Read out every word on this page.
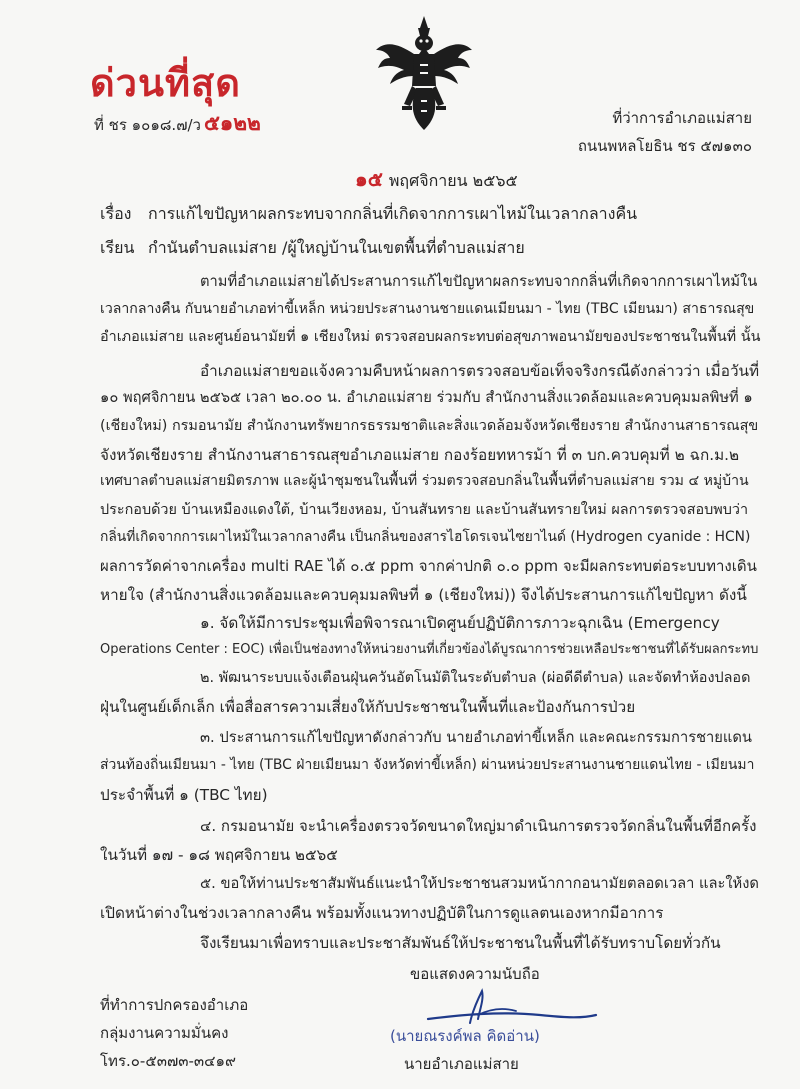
ด่วนที่สุด
ที่ ชร ๑๐๑๘.๗/ว ๕๑๒๒	ที่ว่าการอำเภอแม่สาย
ถนนพหลโยธิน ชร ๕๗๑๓๐
๑๕ พฤศจิกายน ๒๕๖๕
เรื่อง การแก้ไขปัญหาผลกระทบจากกลิ่นที่เกิดจากการเผาไหม้ในเวลากลางคืน
เรียน กำนันตำบลแม่สาย /ผู้ใหญ่บ้านในเขตพื้นที่ตำบลแม่สาย
ตามที่อำเภอแม่สายได้ประสานการแก้ไขปัญหาผลกระทบจากกลิ่นที่เกิดจากการเผาไหม้ใน
เวลากลางคืน กับนายอำเภอท่าขี้เหล็ก หน่วยประสานงานชายแดนเมียนมา - ไทย (TBC เมียนมา) สาธารณสุข
อำเภอแม่สาย และศูนย์อนามัยที่ ๑ เชียงใหม่ ตรวจสอบผลกระทบต่อสุขภาพอนามัยของประชาชนในพื้นที่ นั้น
อำเภอแม่สายขอแจ้งความคืบหน้าผลการตรวจสอบข้อเท็จจริงกรณีดังกล่าวว่า เมื่อวันที่
๑๐ พฤศจิกายน ๒๕๖๕ เวลา ๒๐.๐๐ น. อำเภอแม่สาย ร่วมกับ สำนักงานสิ่งแวดล้อมและควบคุมมลพิษที่ ๑
(เชียงใหม่) กรมอนามัย สำนักงานทรัพยากรธรรมชาติและสิ่งแวดล้อมจังหวัดเชียงราย สำนักงานสาธารณสุข
จังหวัดเชียงราย สำนักงานสาธารณสุขอำเภอแม่สาย กองร้อยทหารม้า ที่ ๓ บก.ควบคุมที่ ๒ ฉก.ม.๒
เทศบาลตำบลแม่สายมิตรภาพ และผู้นำชุมชนในพื้นที่ ร่วมตรวจสอบกลิ่นในพื้นที่ตำบลแม่สาย รวม ๔ หมู่บ้าน
ประกอบด้วย บ้านเหมืองแดงใต้, บ้านเวียงหอม, บ้านสันทราย และบ้านสันทรายใหม่ ผลการตรวจสอบพบว่า
กลิ่นที่เกิดจากการเผาไหม้ในเวลากลางคืน เป็นกลิ่นของสารไฮโดรเจนไซยาไนด์ (Hydrogen cyanide : HCN)
ผลการวัดค่าจากเครื่อง multi RAE ได้ ๐.๕ ppm จากค่าปกติ ๐.๐ ppm จะมีผลกระทบต่อระบบทางเดิน
หายใจ (สำนักงานสิ่งแวดล้อมและควบคุมมลพิษที่ ๑ (เชียงใหม่)) จึงได้ประสานการแก้ไขปัญหา ดังนี้
๑. จัดให้มีการประชุมเพื่อพิจารณาเปิดศูนย์ปฏิบัติการภาวะฉุกเฉิน (Emergency
Operations Center : EOC) เพื่อเป็นช่องทางให้หน่วยงานที่เกี่ยวข้องได้บูรณาการช่วยเหลือประชาชนที่ได้รับผลกระทบ
๒. พัฒนาระบบแจ้งเตือนฝุ่นควันอัตโนมัติในระดับตำบล (ผ่อดีดีตำบล) และจัดทำห้องปลอด
ฝุ่นในศูนย์เด็กเล็ก เพื่อสื่อสารความเสี่ยงให้กับประชาชนในพื้นที่และป้องกันการป่วย
๓. ประสานการแก้ไขปัญหาดังกล่าวกับ นายอำเภอท่าขี้เหล็ก และคณะกรรมการชายแดน
ส่วนท้องถิ่นเมียนมา - ไทย (TBC ฝ่ายเมียนมา จังหวัดท่าขี้เหล็ก) ผ่านหน่วยประสานงานชายแดนไทย - เมียนมา
ประจำพื้นที่ ๑ (TBC ไทย)
๔. กรมอนามัย จะนำเครื่องตรวจวัดขนาดใหญ่มาดำเนินการตรวจวัดกลิ่นในพื้นที่อีกครั้ง
ในวันที่ ๑๗ - ๑๘ พฤศจิกายน ๒๕๖๕
๕. ขอให้ท่านประชาสัมพันธ์แนะนำให้ประชาชนสวมหน้ากากอนามัยตลอดเวลา และให้งด
เปิดหน้าต่างในช่วงเวลากลางคืน พร้อมทั้งแนวทางปฏิบัติในการดูแลตนเองหากมีอาการ
จึงเรียนมาเพื่อทราบและประชาสัมพันธ์ให้ประชาชนในพื้นที่ได้รับทราบโดยทั่วกัน
ขอแสดงความนับถือ
ที่ทำการปกครองอำเภอ
กลุ่มงานความมั่นคง
โทร.๐-๕๓๗๓-๓๔๑๙
(นายณรงค์พล คิดอ่าน)
นายอำเภอแม่สาย
